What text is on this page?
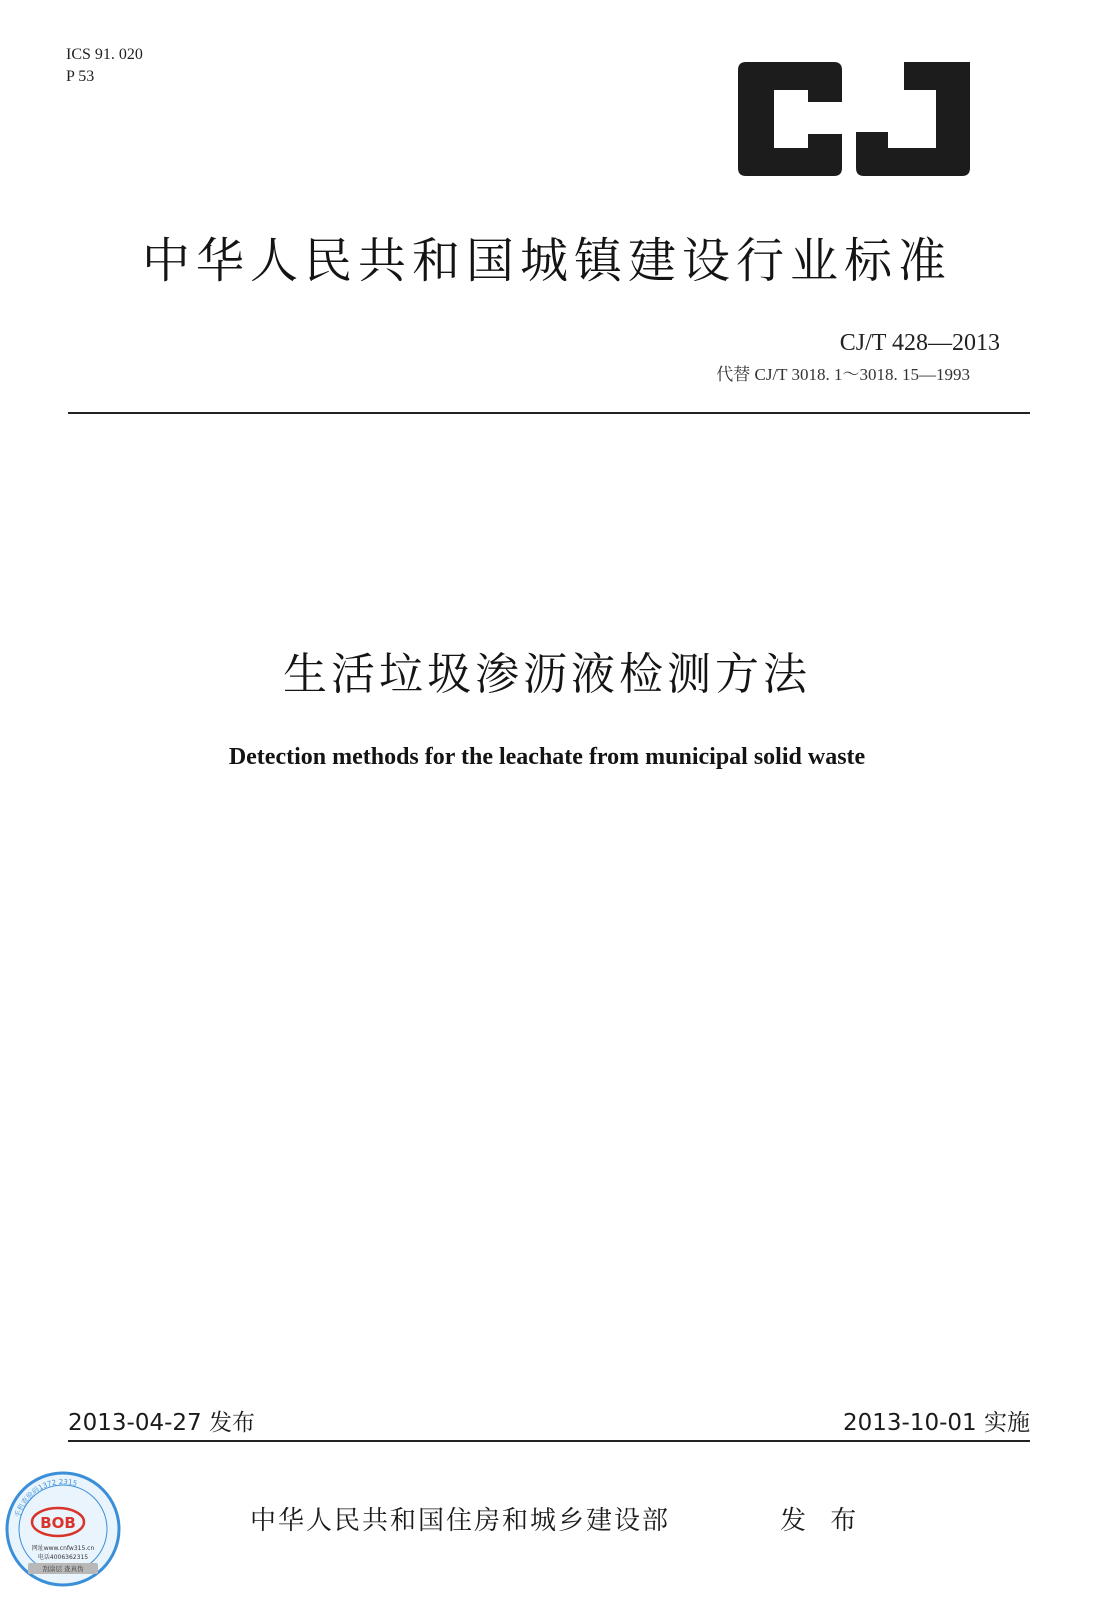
ICS 91. 020
P 53
中华人民共和国城镇建设行业标准
CJ/T 428—2013
代替 CJ/T 3018. 1～3018. 15—1993
生活垃圾渗沥液检测方法
Detection methods for the leachate from municipal solid waste
2013-04-27 发布	2013-10-01 实施
中华人民共和国住房和城乡建设部	发 布
手机查验码1372 2315
BOB
网址www.cnfw315.cn
电话4006362315
刮涂层 查真伪
